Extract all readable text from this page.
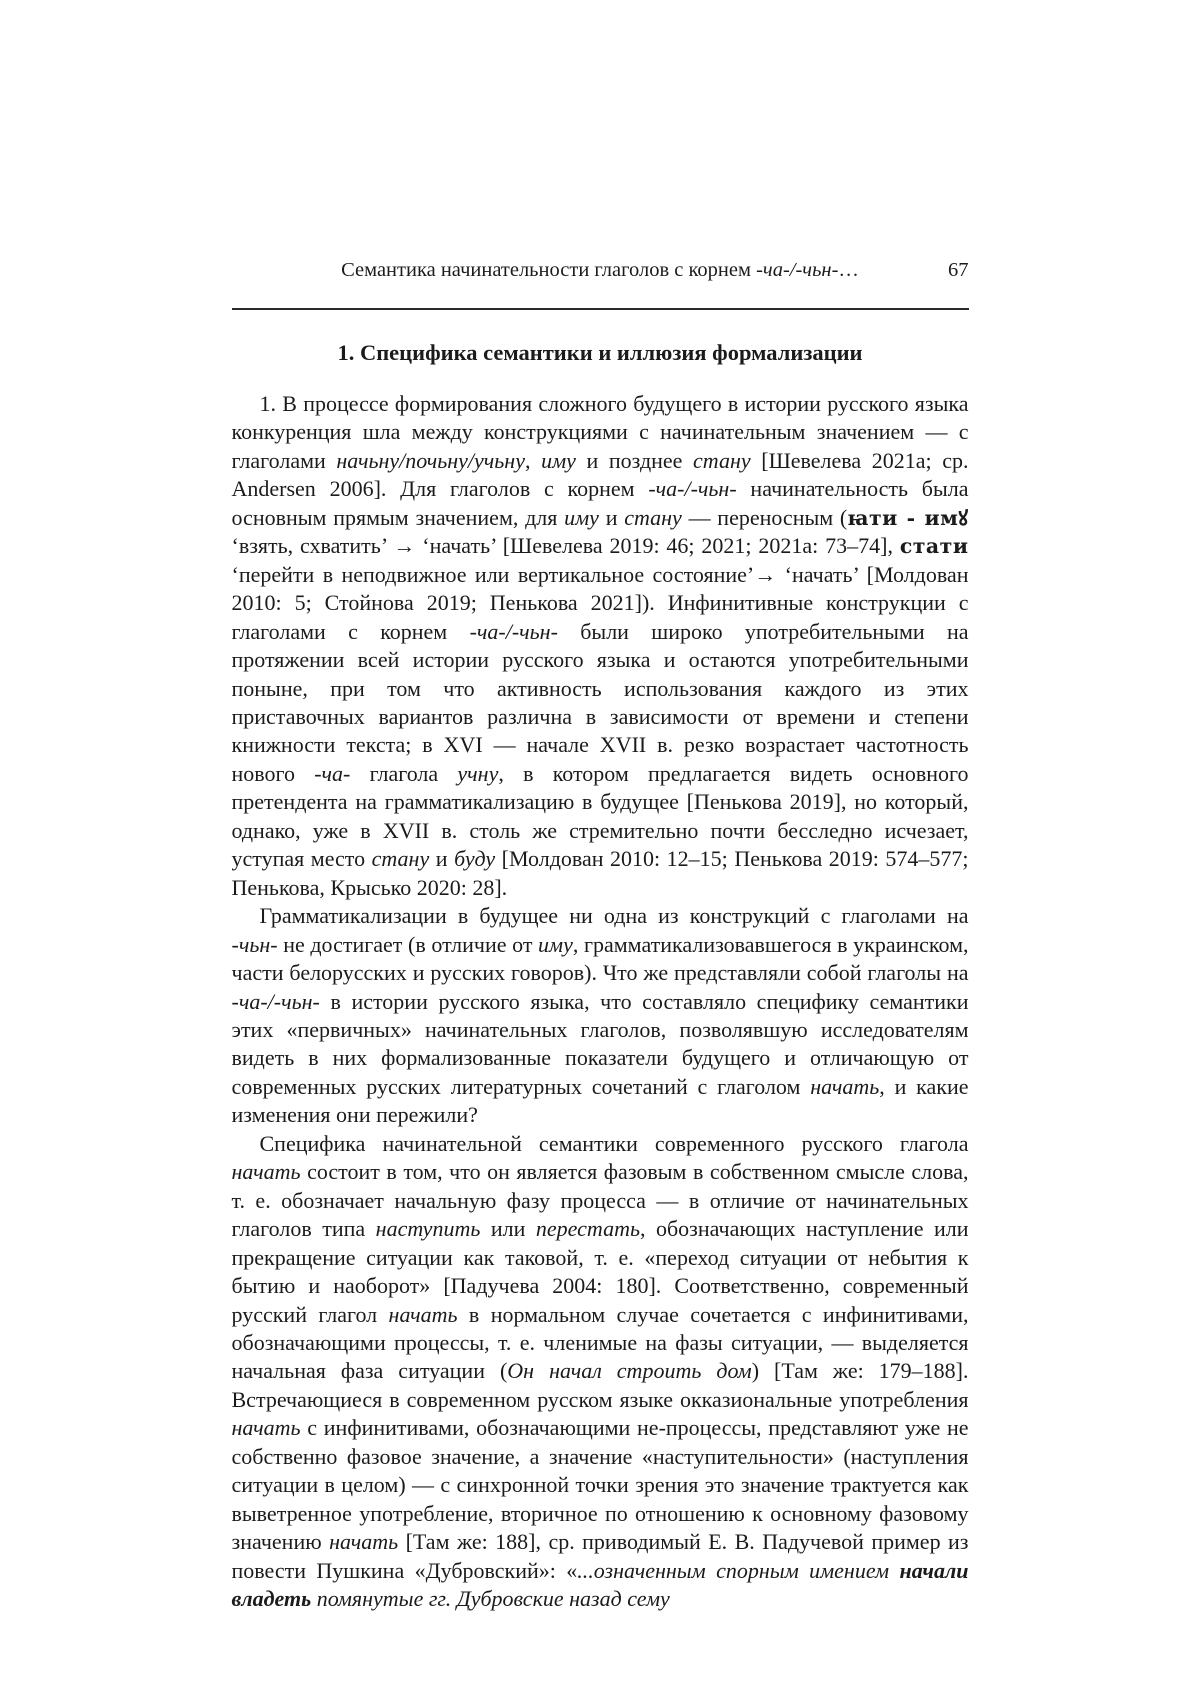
Семантика начинательности глаголов с корнем -ча-/-чьн-…	67
1. Специфика семантики и иллюзия формализации

1. В процессе формирования сложного будущего в истории русского языка конкуренция шла между конструкциями с начинательным значением — с глаголами начьну/почьну/учьну, иму и позднее стану [Шевелева 2021а; ср. Andersen 2006]. Для глаголов с корнем -ча-/-чьн- начинательность была основным прямым значением, для иму и стану — переносным (ꙗти - имꙋ ‘взять, схватить’ → ‘начать’ [Шевелева 2019: 46; 2021; 2021а: 73–74], стати ‘перейти в неподвижное или вертикальное состояние’→ ‘начать’ [Молдован 2010: 5; Стойнова 2019; Пенькова 2021]). Инфинитивные конструкции с глаголами с корнем -ча-/-чьн- были широко употребительными на протяжении всей истории русского языка и остаются употребительными поныне, при том что активность использования каждого из этих приставочных вариантов различна в зависимости от времени и степени книжности текста; в XVI — начале XVII в. резко возрастает частотность нового -ча- глагола учну, в котором предлагается видеть основного претендента на грамматикализацию в будущее [Пенькова 2019], но который, однако, уже в XVII в. столь же стремительно почти бесследно исчезает, уступая место стану и буду [Молдован 2010: 12–15; Пенькова 2019: 574–577; Пенькова, Крысько 2020: 28].

Грамматикализации в будущее ни одна из конструкций с глаголами на -чьн- не достигает (в отличие от иму, грамматикализовавшегося в украинском, части белорусских и русских говоров). Что же представляли собой глаголы на -ча-/-чьн- в истории русского языка, что составляло специфику семантики этих «первичных» начинательных глаголов, позволявшую исследователям видеть в них формализованные показатели будущего и отличающую от современных русских литературных сочетаний с глаголом начать, и какие изменения они пережили?

Специфика начинательной семантики современного русского глагола начать состоит в том, что он является фазовым в собственном смысле слова, т. е. обозначает начальную фазу процесса — в отличие от начинательных глаголов типа наступить или перестать, обозначающих наступление или прекращение ситуации как таковой, т. е. «переход ситуации от небытия к бытию и наоборот» [Падучева 2004: 180]. Соответственно, современный русский глагол начать в нормальном случае сочетается с инфинитивами, обозначающими процессы, т. е. членимые на фазы ситуации, — выделяется начальная фаза ситуации (Он начал строить дом) [Там же: 179–188]. Встречающиеся в современном русском языке окказиональные употребления начать с инфинитивами, обозначающими не-процессы, представляют уже не собственно фазовое значение, а значение «наступительности» (наступления ситуации в целом) — с синхронной точки зрения это значение трактуется как выветренное употребление, вторичное по отношению к основному фазовому значению начать [Там же: 188], ср. приводимый Е. В. Падучевой пример из повести Пушкина «Дубровский»: «...означенным спорным имением начали владеть помянутые гг. Дубровские назад сему
